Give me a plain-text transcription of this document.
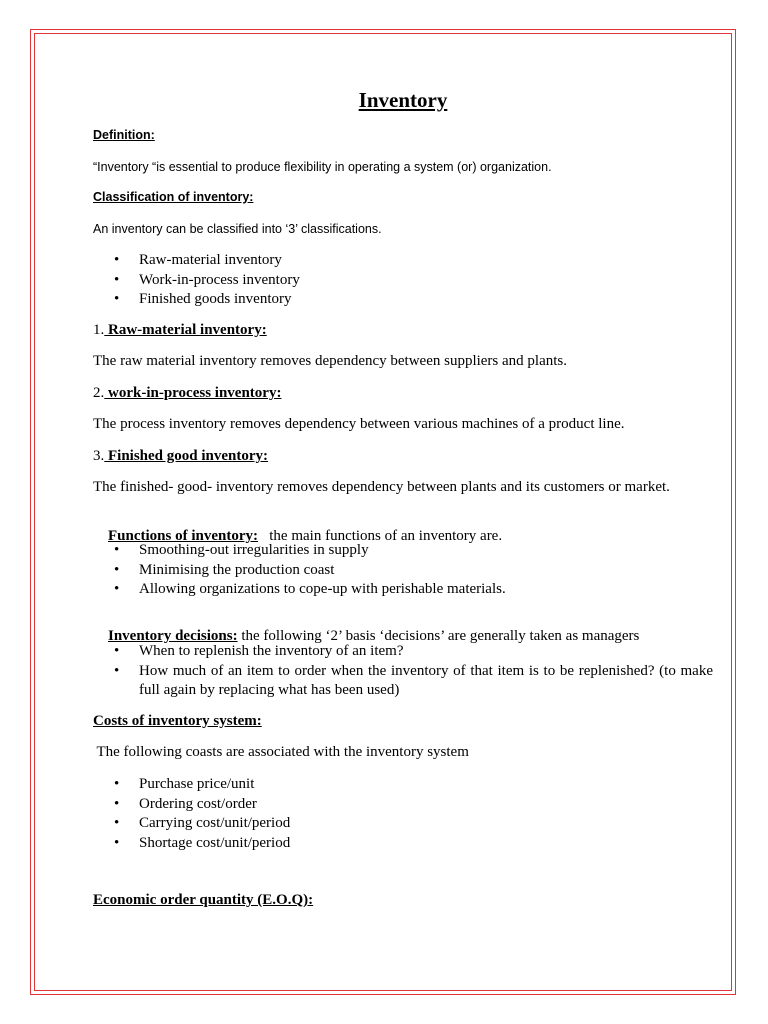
Inventory
Definition:
“Inventory “is essential to produce flexibility in operating a system (or) organization.
Classification of inventory:
An inventory can be classified into ‘3’ classifications.
• Raw-material inventory
• Work-in-process inventory
• Finished goods inventory
1. Raw-material inventory:
The raw material inventory removes dependency between suppliers and plants.
2. work-in-process inventory:
The process inventory removes dependency between various machines of a product line.
3. Finished good inventory:
The finished- good- inventory removes dependency between plants and its customers or market.

Functions of inventory:   the main functions of an inventory are.

• Smoothing-out irregularities in supply
• Minimising the production coast
• Allowing organizations to cope-up with perishable materials.

Inventory decisions: the following ‘2’ basis ‘decisions’ are generally taken as managers

• When to replenish the inventory of an item?
• How much of an item to order when the inventory of that item is to be replenished? (to make full again by replacing what has been used)
Costs of inventory system:
The following coasts are associated with the inventory system
• Purchase price/unit
• Ordering cost/order
• Carrying cost/unit/period
• Shortage cost/unit/period
Economic order quantity (E.O.Q):
